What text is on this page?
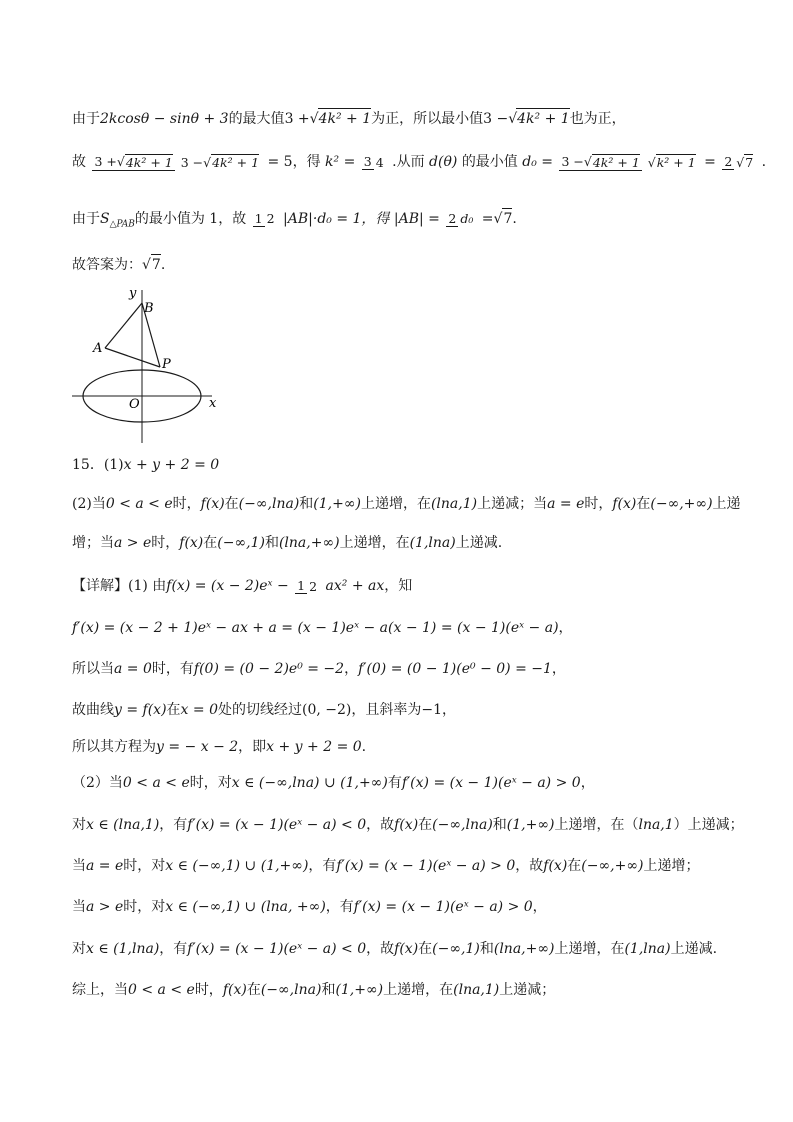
由于2kcosθ − sinθ + 3的最大值3 +√4k² + 1为正，所以最小值3 −√4k² + 1也为正，
故 3 +√4k² + 1 3 −√4k² + 1 = 5，得 k² = 3 4 .从而 d(θ) 的最小值 d₀ = 3 −√4k² + 1 √k² + 1 = 2 √7 .
由于$S_{\triangle PAB}$的最小值为 1，故 1 2 |AB|·d₀ = 1，得 |AB| = 2 d₀ =√7.
故答案为：√7.
y
B
A
P
O	x
15．(1)x + y + 2 = 0
(2)当0 < a < e时，f(x)在(−∞,lna)和(1,+∞)上递增，在(lna,1)上递减；当a = e时，f(x)在(−∞,+∞)上递
增；当a > e时，f(x)在(−∞,1)和(lna,+∞)上递增，在(1,lna)上递减.
【详解】(1) 由f(x) = (x − 2)eˣ − 1 2 ax² + ax，知
f′(x) = (x − 2 + 1)eˣ − ax + a = (x − 1)eˣ − a(x − 1) = (x − 1)(eˣ − a)，
所以当a = 0时，有f(0) = (0 − 2)e⁰ = −2，f′(0) = (0 − 1)(e⁰ − 0) = −1，
故曲线y = f(x)在x = 0处的切线经过(0, −2)，且斜率为−1，
所以其方程为y = − x − 2，即x + y + 2 = 0.
（2）当0 < a < e时，对x ∈ (−∞,lna) ∪ (1,+∞)有f′(x) = (x − 1)(eˣ − a) > 0，
对x ∈ (lna,1)，有f′(x) = (x − 1)(eˣ − a) < 0，故f(x)在(−∞,lna)和(1,+∞)上递增，在（lna,1）上递减；
当a = e时，对x ∈ (−∞,1) ∪ (1,+∞)，有f′(x) = (x − 1)(eˣ − a) > 0，故f(x)在(−∞,+∞)上递增；
当a > e时，对x ∈ (−∞,1) ∪ (lna, +∞)，有f′(x) = (x − 1)(eˣ − a) > 0，
对x ∈ (1,lna)，有f′(x) = (x − 1)(eˣ − a) < 0，故f(x)在(−∞,1)和(lna,+∞)上递增，在(1,lna)上递减.
综上，当0 < a < e时，f(x)在(−∞,lna)和(1,+∞)上递增，在(lna,1)上递减；
